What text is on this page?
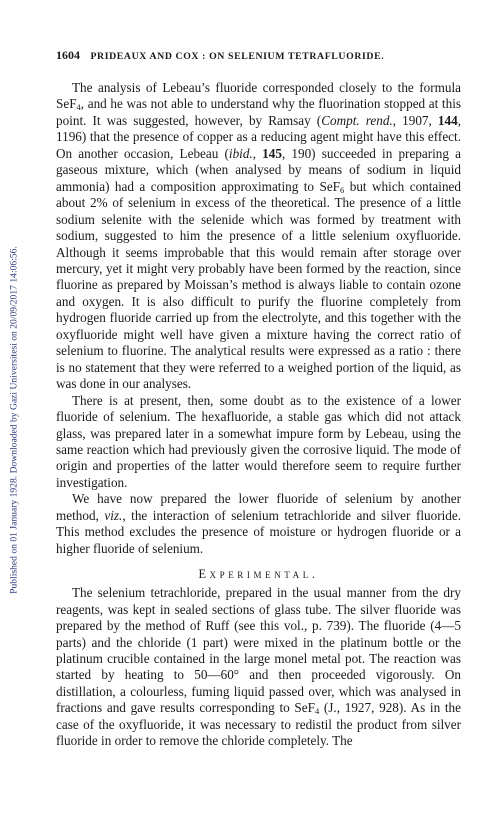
Published on 01 January 1928. Downloaded by Gazi Universitesi on 20/09/2017 14:06:56.
1604 PRIDEAUX AND COX : ON SELENIUM TETRAFLUORIDE.

The analysis of Lebeau’s fluoride corresponded closely to the formula SeF$_4$, and he was not able to understand why the fluorination stopped at this point. It was suggested, however, by Ramsay (Compt. rend., 1907, 144, 1196) that the presence of copper as a reducing agent might have this effect. On another occasion, Lebeau (ibid., 145, 190) succeeded in preparing a gaseous mixture, which (when analysed by means of sodium in liquid ammonia) had a composition approximating to SeF$_6$ but which contained about 2% of selenium in excess of the theoretical. The presence of a little sodium selenite with the selenide which was formed by treatment with sodium, suggested to him the presence of a little selenium oxyfluoride. Although it seems improbable that this would remain after storage over mercury, yet it might very probably have been formed by the reaction, since fluorine as prepared by Moissan’s method is always liable to contain ozone and oxygen. It is also difficult to purify the fluorine completely from hydrogen fluoride carried up from the electrolyte, and this together with the oxyfluoride might well have given a mixture having the correct ratio of selenium to fluorine. The analytical results were expressed as a ratio : there is no statement that they were referred to a weighed portion of the liquid, as was done in our analyses.

There is at present, then, some doubt as to the existence of a lower fluoride of selenium. The hexafluoride, a stable gas which did not attack glass, was prepared later in a somewhat impure form by Lebeau, using the same reaction which had previously given the corrosive liquid. The mode of origin and properties of the latter would therefore seem to require further investigation.

We have now prepared the lower fluoride of selenium by another method, viz., the interaction of selenium tetrachloride and silver fluoride. This method excludes the presence of moisture or hydrogen fluoride or a higher fluoride of selenium.

Experimental.

The selenium tetrachloride, prepared in the usual manner from the dry reagents, was kept in sealed sections of glass tube. The silver fluoride was prepared by the method of Ruff (see this vol., p. 739). The fluoride (4—5 parts) and the chloride (1 part) were mixed in the platinum bottle or the platinum crucible contained in the large monel metal pot. The reaction was started by heating to 50—60° and then proceeded vigorously. On distillation, a colourless, fuming liquid passed over, which was analysed in fractions and gave results corresponding to SeF$_4$ (J., 1927, 928). As in the case of the oxyfluoride, it was necessary to redistil the product from silver fluoride in order to remove the chloride completely. The
